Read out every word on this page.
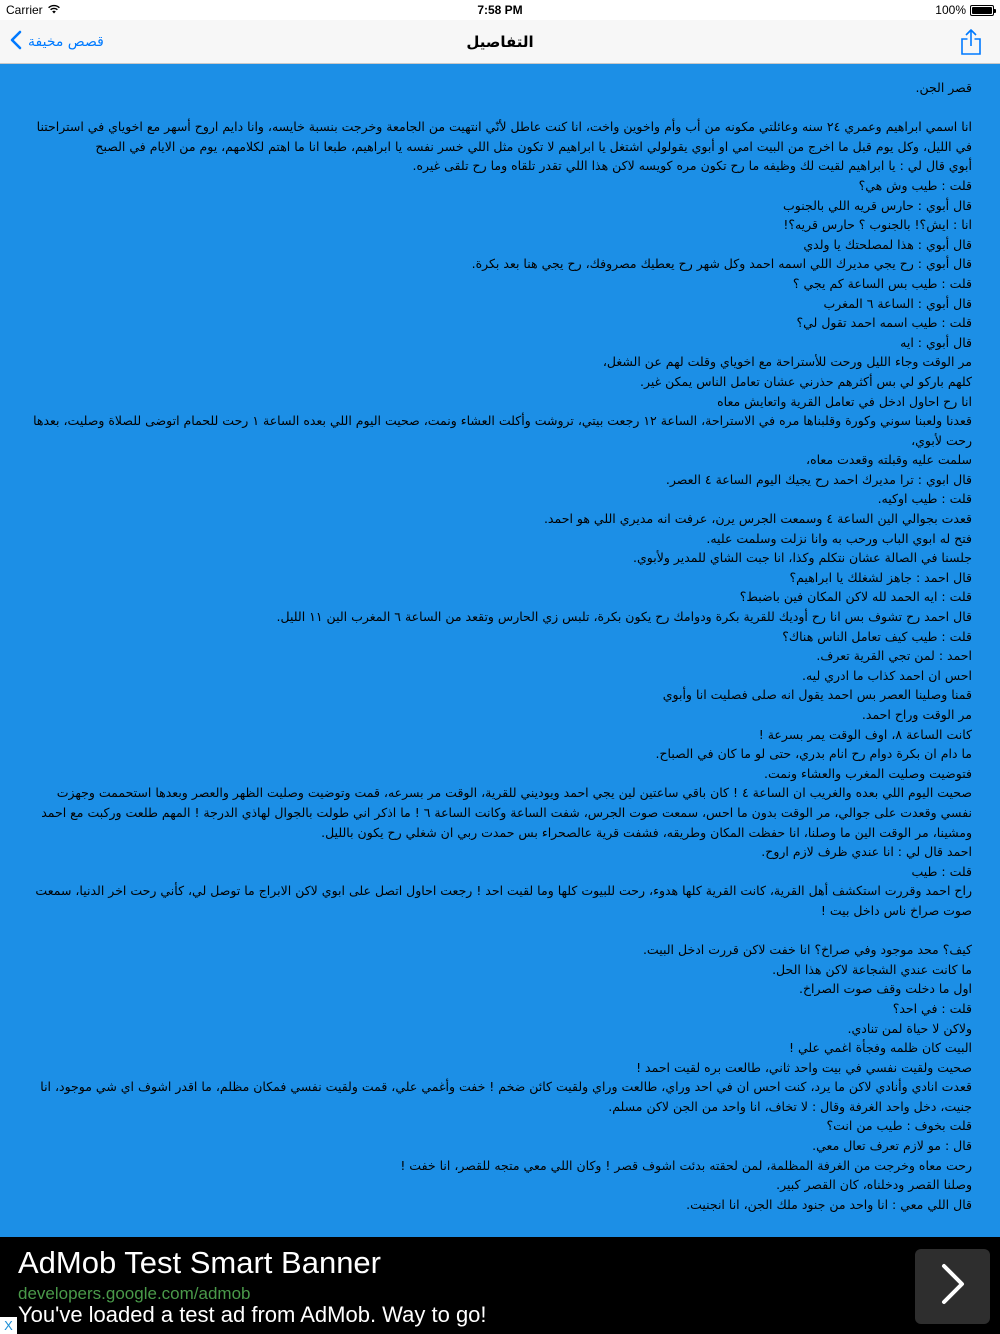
Carrier	7:58 PM	100%
قصص مخيفة	التفاصيل
قصر الجن.

انا اسمي ابراهيم وعمري ٢٤ سنه وعائلتي مكونه من أب وأم واخوين واخت، انا كنت عاطل لأنّي انتهيت من الجامعة وخرجت بنسبة خايسه، وانا دايم اروح أسهر مع اخوياي في استراحتنا في الليل، وكل يوم قبل ما اخرج من البيت امي او أبوي يقولولي اشتغل يا ابراهيم لا تكون مثل اللي خسر نفسه يا ابراهيم، طبعا انا ما اهتم لكلامهم، يوم من الايام في الصبح
أبوي قال لي : يا ابراهيم لقيت لك وظيفه ما رح تكون مره كويسه لاكن هذا اللي تقدر تلقاه وما رح تلقى غيره.
قلت : طيب وش هي؟
قال أبوي : حارس قريه اللي بالجنوب
انا : ايش؟! بالجنوب ؟ حارس قريه؟!
قال أبوي : هذا لمصلحتك يا ولدي
قال أبوي : رح يجي مديرك اللي اسمه احمد وكل شهر رح يعطيك مصروفك، رح يجي هنا بعد بكرة.
قلت : طيب بس الساعة كم يجي ؟
قال أبوي : الساعة ٦ المغرب
قلت : طيب اسمه احمد تقول لي؟
قال أبوي : ايه
مر الوقت وجاء الليل ورحت للأستراحة مع اخوياي وقلت لهم عن الشغل،
كلهم باركو لي بس أكثرهم حذرني عشان تعامل الناس يمكن غير.
انا رح احاول ادخل في تعامل القرية واتعايش معاه
قعدنا ولعبنا سوني وكورة وقلبناها مره في الاستراحة، الساعة ١٢ رجعت بيتي، تروشت وأكلت العشاء ونمت، صحيت اليوم اللي بعده الساعة ١ رحت للحمام اتوضى للصلاة وصليت، بعدها رحت لأبوي،
سلمت عليه وقبلته وقعدت معاه،
قال ابوي : ترا مديرك احمد رح يجيك اليوم الساعة ٤ العصر.
قلت : طيب اوكيه.
قعدت بجوالي الين الساعة ٤ وسمعت الجرس يرن، عرفت انه مديري اللي هو احمد.
فتح له ابوي الباب ورحب به وانا نزلت وسلمت عليه.
جلسنا في الصالة عشان نتكلم وكذا، انا جبت الشاي للمدير ولأبوي.
قال احمد : جاهز لشغلك يا ابراهيم؟
قلت : ايه الحمد لله لاكن المكان فين باضبط؟
قال احمد رح تشوف بس انا رح أوديك للقرية بكرة ودوامك رح يكون بكرة، تلبس زي الحارس وتقعد من الساعة ٦ المغرب الين ١١ الليل.
قلت : طيب كيف تعامل الناس هناك؟
احمد : لمن تجي القرية تعرف.
احس ان احمد كذاب ما ادري ليه.
قمنا وصلينا العصر بس احمد يقول انه صلى فصليت انا وأبوي
مر الوقت وراح احمد.
كانت الساعة ٨، اوف الوقت يمر بسرعة !
ما دام ان بكرة دوام رح انام بدري، حتى لو ما كان في الصباح.
فتوضيت وصليت المغرب والعشاء ونمت.
صحيت اليوم اللي بعده والغريب ان الساعة ٤ ! كان باقي ساعتين لين يجي احمد ويوديني للقرية، الوقت مر بسرعه، قمت وتوضيت وصليت الظهر والعصر وبعدها استحممت وجهزت نفسي وقعدت على جوالي، مر الوقت بدون ما احس، سمعت صوت الجرس، شفت الساعة وكانت الساعة ٦ ! ما اذكر اني طولت بالجوال لهاذي الدرجة ! المهم طلعت وركبت مع احمد ومشينا، مر الوقت الين ما وصلنا، انا حفظت المكان وطريقه، فشفت قرية عالصحراء بس حمدت ربي ان شغلي رح يكون بالليل.
احمد قال لي : انا عندي ظرف لازم اروح.
قلت : طيب
راح احمد وقررت استكشف أهل القرية، كانت القرية كلها هدوء، رحت للبيوت كلها وما لقيت احد ! رجعت احاول اتصل على ابوي لاكن الابراج ما توصل لي، كأني رحت اخر الدنيا، سمعت صوت صراخ ناس داخل بيت !

كيف؟ محد موجود وفي صراخ؟ انا خفت لاكن قررت ادخل البيت.
ما كانت عندي الشجاعة لاكن هذا الحل.
اول ما دخلت وقف صوت الصراخ.
قلت : في احد؟
ولاكن لا حياة لمن تنادي.
البيت كان ظلمه وفجأة اغمي علي !
صحيت ولقيت نفسي في بيت واحد ثاني، طالعت بره لقيت احمد !
قعدت انادي وأنادي لاكن ما يرد، كنت احس ان في احد وراي، طالعت وراي ولقيت كائن ضخم ! خفت وأغمي علي، قمت ولقيت نفسي فمكان مظلم، ما اقدر اشوف اي شي موجود، انا جنيت، دخل واحد الغرفة وقال : لا تخاف، انا واحد من الجن لاكن مسلم.
قلت بخوف : طيب من انت؟
قال : مو لازم تعرف تعال معي.
رحت معاه وخرجت من الغرفة المظلمة، لمن لحقته بدئت اشوف قصر ! وكان اللي معي متجه للقصر، انا خفت !
وصلنا القصر ودخلناه، كان القصر كبير.
قال اللي معي : انا واحد من جنود ملك الجن، انا انجنيت.
AdMob Test Smart Banner
developers.google.com/admob
You've loaded a test ad from AdMob. Way to go!
X
